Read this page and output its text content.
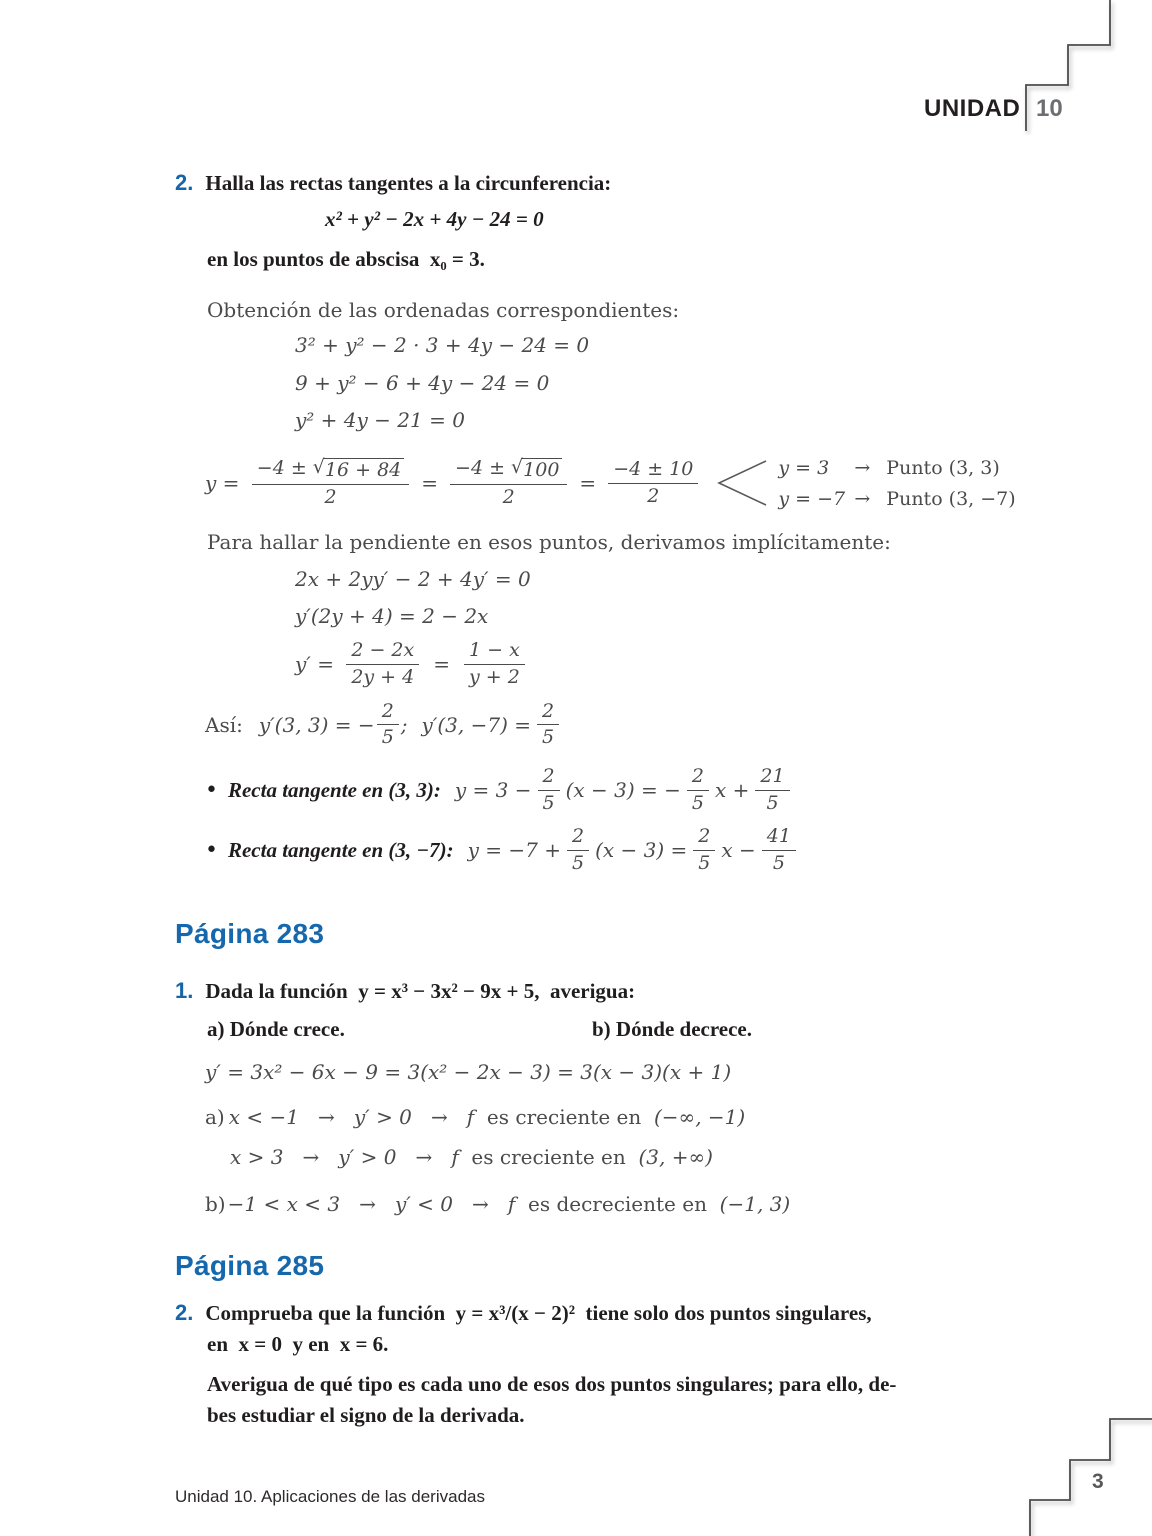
UNIDAD 10
2. Halla las rectas tangentes a la circunferencia:
x² + y² − 2x + 4y − 24 = 0
en los puntos de abscisa x₀ = 3.
Obtención de las ordenadas correspondientes:
3² + y² − 2 · 3 + 4y − 24 = 0
9 + y² − 6 + 4y − 24 = 0
y² + 4y − 21 = 0
$y = \frac{-4 \pm √ 16 + 84}{2} = \frac{-4 \pm √ 100}{2} = \frac{-4 \pm 10}{2}$	y = 3	→ Punto (3, 3)
y = −7 → Punto (3, −7)
Para hallar la pendiente en esos puntos, derivamos implícitamente:
2x + 2yy′ − 2 + 4y′ = 0
y′(2y + 4) = 2 − 2x
$y' = \frac{2 - 2x}{2y + 4} = \frac{1 - x}{y + 2}$
Así: y′(3, 3) = − $\frac{2}{5}$ ; y′(3, $-7) = \frac{2}{5}$
• Recta tangente en (3, 3): $y = 3 - \frac{2}{5} (x - 3)$ = − $\frac{2}{5}$ $x + \frac{21}{5}$
• Recta tangente en (3, −7): $y = -7 + \frac{2}{5} (x - 3) = \frac{2}{5}$ $x - \frac{41}{5}$
Página 283
1. Dada la función y = x³ − 3x² − 9x + 5, averigua:
a) Dónde crece.	b) Dónde decrece.
y′ = 3x² − 6x − 9 = 3(x² − 2x − 3) = 3(x − 3)(x + 1)
a) x < −1   →   y′ > 0   →   f es creciente en (−∞, −1)
x > 3   →   y′ > 0   →   f es creciente en (3, +∞)
b) −1 < x < 3   →   y′ < 0   →   f es decreciente en (−1, 3)
Página 285
2. Comprueba que la función y = x³/(x − 2)² tiene solo dos puntos singulares,
en x = 0 y en x = 6.
Averigua de qué tipo es cada uno de esos dos puntos singulares; para ello, de-
bes estudiar el signo de la derivada.
Unidad 10. Aplicaciones de las derivadas
3
